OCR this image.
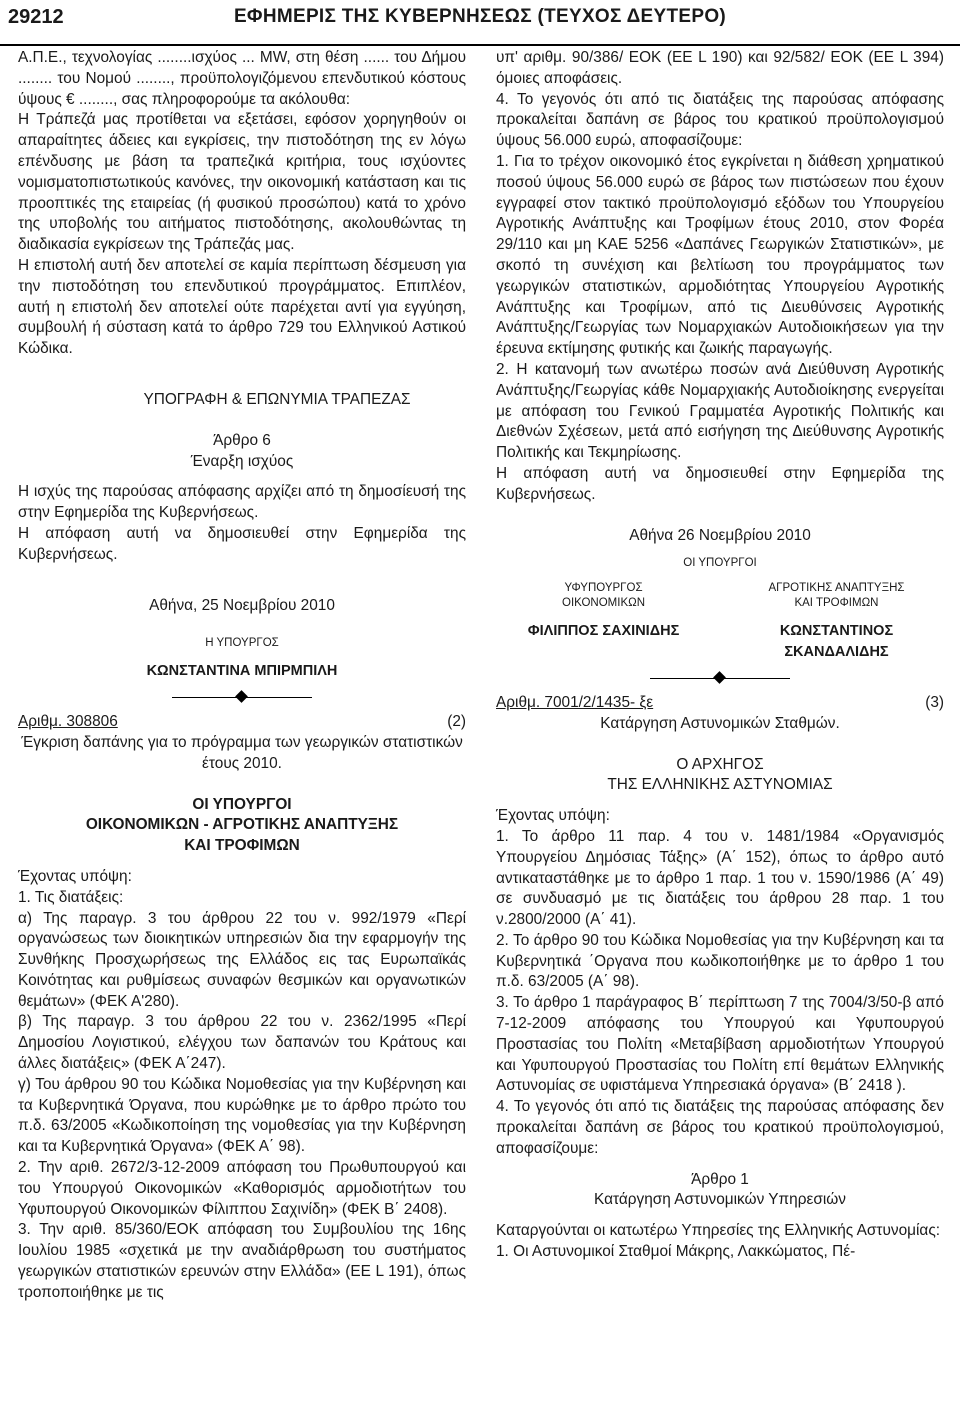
29212	ΕΦΗΜΕΡΙΣ ΤΗΣ ΚΥΒΕΡΝΗΣΕΩΣ (ΤΕΥΧΟΣ ΔΕΥΤΕΡΟ)

Α.Π.Ε., τεχνολογίας ........ισχύος ... MW, στη θέση ...... του Δήμου ........ του Νομού ........, προϋπολογιζόμενου επενδυτικού κόστους ύψους € ........, σας πληροφορούμε τα ακόλουθα:

Η Τράπεζά μας προτίθεται να εξετάσει, εφόσον χορηγηθούν οι απαραίτητες άδειες και εγκρίσεις, την πιστοδότηση της εν λόγω επένδυσης με βάση τα τραπεζικά κριτήρια, τους ισχύοντες νομισματοπιστωτικούς κανόνες, την οικονομική κατάσταση και τις προοπτικές της εταιρείας (ή φυσικού προσώπου) κατά το χρόνο της υποβολής του αιτήματος πιστοδότησης, ακολουθώντας τη διαδικασία εγκρίσεων της Τράπεζάς μας.

Η επιστολή αυτή δεν αποτελεί σε καμία περίπτωση δέσμευση για την πιστοδότηση του επενδυτικού προγράμματος. Επιπλέον, αυτή η επιστολή δεν αποτελεί ούτε παρέχεται αντί για εγγύηση, συμβουλή ή σύσταση κατά το άρθρο 729 του Ελληνικού Αστικού Κώδικα.

ΥΠΟΓΡΑΦΗ & ΕΠΩΝΥΜΙΑ ΤΡΑΠΕΖΑΣ

Άρθρο 6

Έναρξη ισχύος

Η ισχύς της παρούσας απόφασης αρχίζει από τη δημοσίευσή της στην Εφημερίδα της Κυβερνήσεως.

Η απόφαση αυτή να δημοσιευθεί στην Εφημερίδα της Κυβερνήσεως.

Αθήνα, 25 Νοεμβρίου 2010

Η ΥΠΟΥΡΓΟΣ

ΚΩΝΣΤΑΝΤΙΝΑ ΜΠΙΡΜΠΙΛΗ

Αριθμ. 308806	(2)

Έγκριση δαπάνης για το πρόγραμμα των γεωργικών στατιστικών έτους 2010.

ΟΙ ΥΠΟΥΡΓΟΙ

ΟΙΚΟΝΟΜΙΚΩΝ - ΑΓΡΟΤΙΚΗΣ ΑΝΑΠΤΥΞΗΣ

ΚΑΙ ΤΡΟΦΙΜΩΝ

Έχοντας υπόψη:

1. Τις διατάξεις:

α) Της παραγρ. 3 του άρθρου 22 του ν. 992/1979 «Περί οργανώσεως των διοικητικών υπηρεσιών δια την εφαρμογήν της Συνθήκης Προσχωρήσεως της Ελλάδος εις τας Ευρωπαϊκάς Κοινότητας και ρυθμίσεως συναφών θεσμικών και οργανωτικών θεμάτων» (ΦΕΚ Α'280).

β) Της παραγρ. 3 του άρθρου 22 του ν. 2362/1995 «Περί Δημοσίου Λογιστικού, ελέγχου των δαπανών του Κράτους και άλλες διατάξεις» (ΦΕΚ Α΄247).

γ) Του άρθρου 90 του Κώδικα Νομοθεσίας για την Κυβέρνηση και τα Κυβερνητικά Όργανα, που κυρώθηκε με το άρθρο πρώτο του π.δ. 63/2005 «Κωδικοποίηση της νομοθεσίας για την Κυβέρνηση και τα Κυβερνητικά Όργανα» (ΦΕΚ Α΄ 98).

2. Την αριθ. 2672/3-12-2009 απόφαση του Πρωθυπουργού και του Υπουργού Οικονομικών «Καθορισμός αρμοδιοτήτων του Υφυπουργού Οικονομικών Φίλιππου Σαχινίδη» (ΦΕΚ Β΄ 2408).

3. Την αριθ. 85/360/ΕΟΚ απόφαση του Συμβουλίου της 16ης Ιουλίου 1985 «σχετικά με την αναδιάρθρωση του συστήματος γεωργικών στατιστικών ερευνών στην Ελλάδα» (ΕΕ L 191), όπως τροποποιήθηκε με τις

υπ' αριθμ. 90/386/ ΕΟΚ (ΕΕ L 190) και 92/582/ ΕΟΚ (ΕΕ L 394) όμοιες αποφάσεις.

4. Το γεγονός ότι από τις διατάξεις της παρούσας απόφασης προκαλείται δαπάνη σε βάρος του κρατικού προϋπολογισμού ύψους 56.000 ευρώ, αποφασίζουμε:

1. Για το τρέχον οικονομικό έτος εγκρίνεται η διάθεση χρηματικού ποσού ύψους 56.000 ευρώ σε βάρος των πιστώσεων που έχουν εγγραφεί στον τακτικό προϋπολογισμό εξόδων του Υπουργείου Αγροτικής Ανάπτυξης και Τροφίμων έτους 2010, στον Φορέα 29/110 και μη ΚΑΕ 5256 «Δαπάνες Γεωργικών Στατιστικών», με σκοπό τη συνέχιση και βελτίωση του προγράμματος των γεωργικών στατιστικών, αρμοδιότητας Υπουργείου Αγροτικής Ανάπτυξης και Τροφίμων, από τις Διευθύνσεις Αγροτικής Ανάπτυξης/Γεωργίας των Νομαρχιακών Αυτοδιοικήσεων για την έρευνα εκτίμησης φυτικής και ζωικής παραγωγής.

2. Η κατανομή των ανωτέρω ποσών ανά Διεύθυνση Αγροτικής Ανάπτυξης/Γεωργίας κάθε Νομαρχιακής Αυτοδιοίκησης ενεργείται με απόφαση του Γενικού Γραμματέα Αγροτικής Πολιτικής και Διεθνών Σχέσεων, μετά από εισήγηση της Διεύθυνσης Αγροτικής Πολιτικής και Τεκμηρίωσης.

Η απόφαση αυτή να δημοσιευθεί στην Εφημερίδα της Κυβερνήσεως.

Αθήνα 26 Νοεμβρίου 2010

ΟΙ ΥΠΟΥΡΓΟΙ

ΥΦΥΠΟΥΡΓΟΣ

ΟΙΚΟΝΟΜΙΚΩΝ

ΦΙΛΙΠΠΟΣ ΣΑΧΙΝΙΔΗΣ

ΑΓΡΟΤΙΚΗΣ ΑΝΑΠΤΥΞΗΣ

ΚΑΙ ΤΡΟΦΙΜΩΝ

ΚΩΝΣΤΑΝΤΙΝΟΣ ΣΚΑΝΔΑΛΙΔΗΣ

Αριθμ. 7001/2/1435- ξε	(3)

Κατάργηση Αστυνομικών Σταθμών.

Ο ΑΡΧΗΓΟΣ

ΤΗΣ ΕΛΛΗΝΙΚΗΣ ΑΣΤΥΝΟΜΙΑΣ

Έχοντας υπόψη:

1. Το άρθρο 11 παρ. 4 του ν. 1481/1984 «Οργανισμός Υπουργείου Δημόσιας Τάξης» (Α΄ 152), όπως το άρθρο αυτό αντικαταστάθηκε με το άρθρο 1 παρ. 1 του ν. 1590/1986 (Α΄ 49) σε συνδυασμό με τις διατάξεις του άρθρου 28 παρ. 1 του ν.2800/2000 (Α΄ 41).

2. Το άρθρο 90 του Κώδικα Νομοθεσίας για την Κυβέρνηση και τα Κυβερνητικά ΄Οργανα που κωδικοποιήθηκε με το άρθρο 1 του π.δ. 63/2005 (Α΄ 98).

3. Το άρθρο 1 παράγραφος Β΄ περίπτωση 7 της 7004/3/50-β από 7-12-2009 απόφασης του Υπουργού και Υφυπουργού Προστασίας του Πολίτη «Μεταβίβαση αρμοδιοτήτων Υπουργού και Υφυπουργού Προστασίας του Πολίτη επί θεμάτων Ελληνικής Αστυνομίας σε υφιστάμενα Υπηρεσιακά όργανα» (Β΄ 2418 ).

4. Το γεγονός ότι από τις διατάξεις της παρούσας απόφασης δεν προκαλείται δαπάνη σε βάρος του κρατικού προϋπολογισμού, αποφασίζουμε:

Άρθρο 1

Κατάργηση Αστυνομικών Υπηρεσιών

Καταργούνται οι κατωτέρω Υπηρεσίες της Ελληνικής Αστυνομίας:

1. Οι Αστυνομικοί Σταθμοί Μάκρης, Λακκώματος, Πέ-
